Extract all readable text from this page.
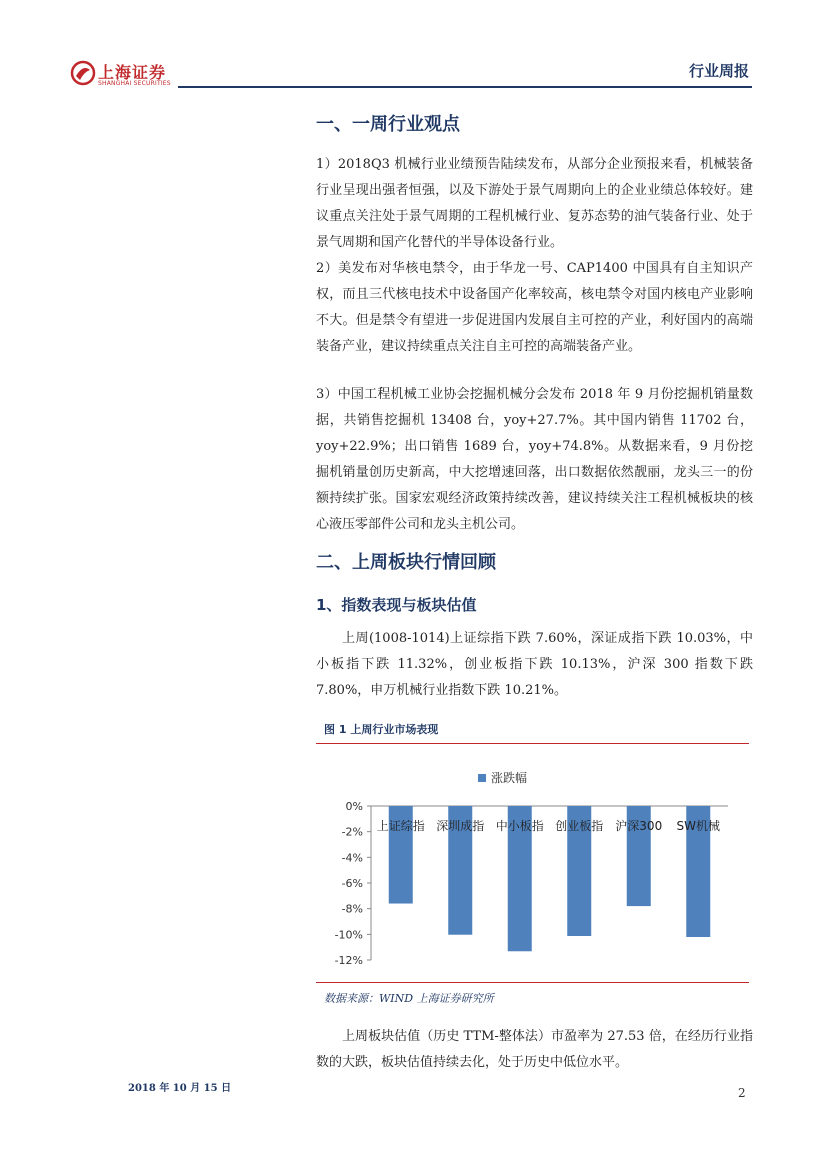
上海证券
SHANGHAI SECURITIES
行业周报
一、一周行业观点

1）2018Q3 机械行业业绩预告陆续发布，从部分企业预报来看，机械装备行业呈现出强者恒强，以及下游处于景气周期向上的企业业绩总体较好。建议重点关注处于景气周期的工程机械行业、复苏态势的油气装备行业、处于景气周期和国产化替代的半导体设备行业。

2）美发布对华核电禁令，由于华龙一号、CAP1400 中国具有自主知识产权，而且三代核电技术中设备国产化率较高，核电禁令对国内核电产业影响不大。但是禁令有望进一步促进国内发展自主可控的产业，利好国内的高端装备产业，建议持续重点关注自主可控的高端装备产业。

3）中国工程机械工业协会挖掘机械分会发布 2018 年 9 月份挖掘机销量数据，共销售挖掘机 13408 台，yoy+27.7%。其中国内销售 11702 台，yoy+22.9%；出口销售 1689 台，yoy+74.8%。从数据来看，9 月份挖掘机销量创历史新高，中大挖增速回落，出口数据依然靓丽，龙头三一的份额持续扩张。国家宏观经济政策持续改善，建议持续关注工程机械板块的核心液压零部件公司和龙头主机公司。

二、上周板块行情回顾
1、指数表现与板块估值

上周(1008-1014)上证综指下跌 7.60%，深证成指下跌 10.03%，中小板指下跌 11.32%，创业板指下跌 10.13%，沪深 300 指数下跌 7.80%，申万机械行业指数下跌 10.21%。

图 1 上周行业市场表现
涨跌幅
0%
-2%
-4%
-6%
-8%
-10%
-12%
上证综指 深圳成指 中小板指 创业板指 沪深300 SW机械
数据来源：WIND 上海证券研究所

上周板块估值（历史 TTM-整体法）市盈率为 27.53 倍，在经历行业指数的大跌，板块估值持续去化，处于历史中低位水平。

2018 年 10 月 15 日	2
